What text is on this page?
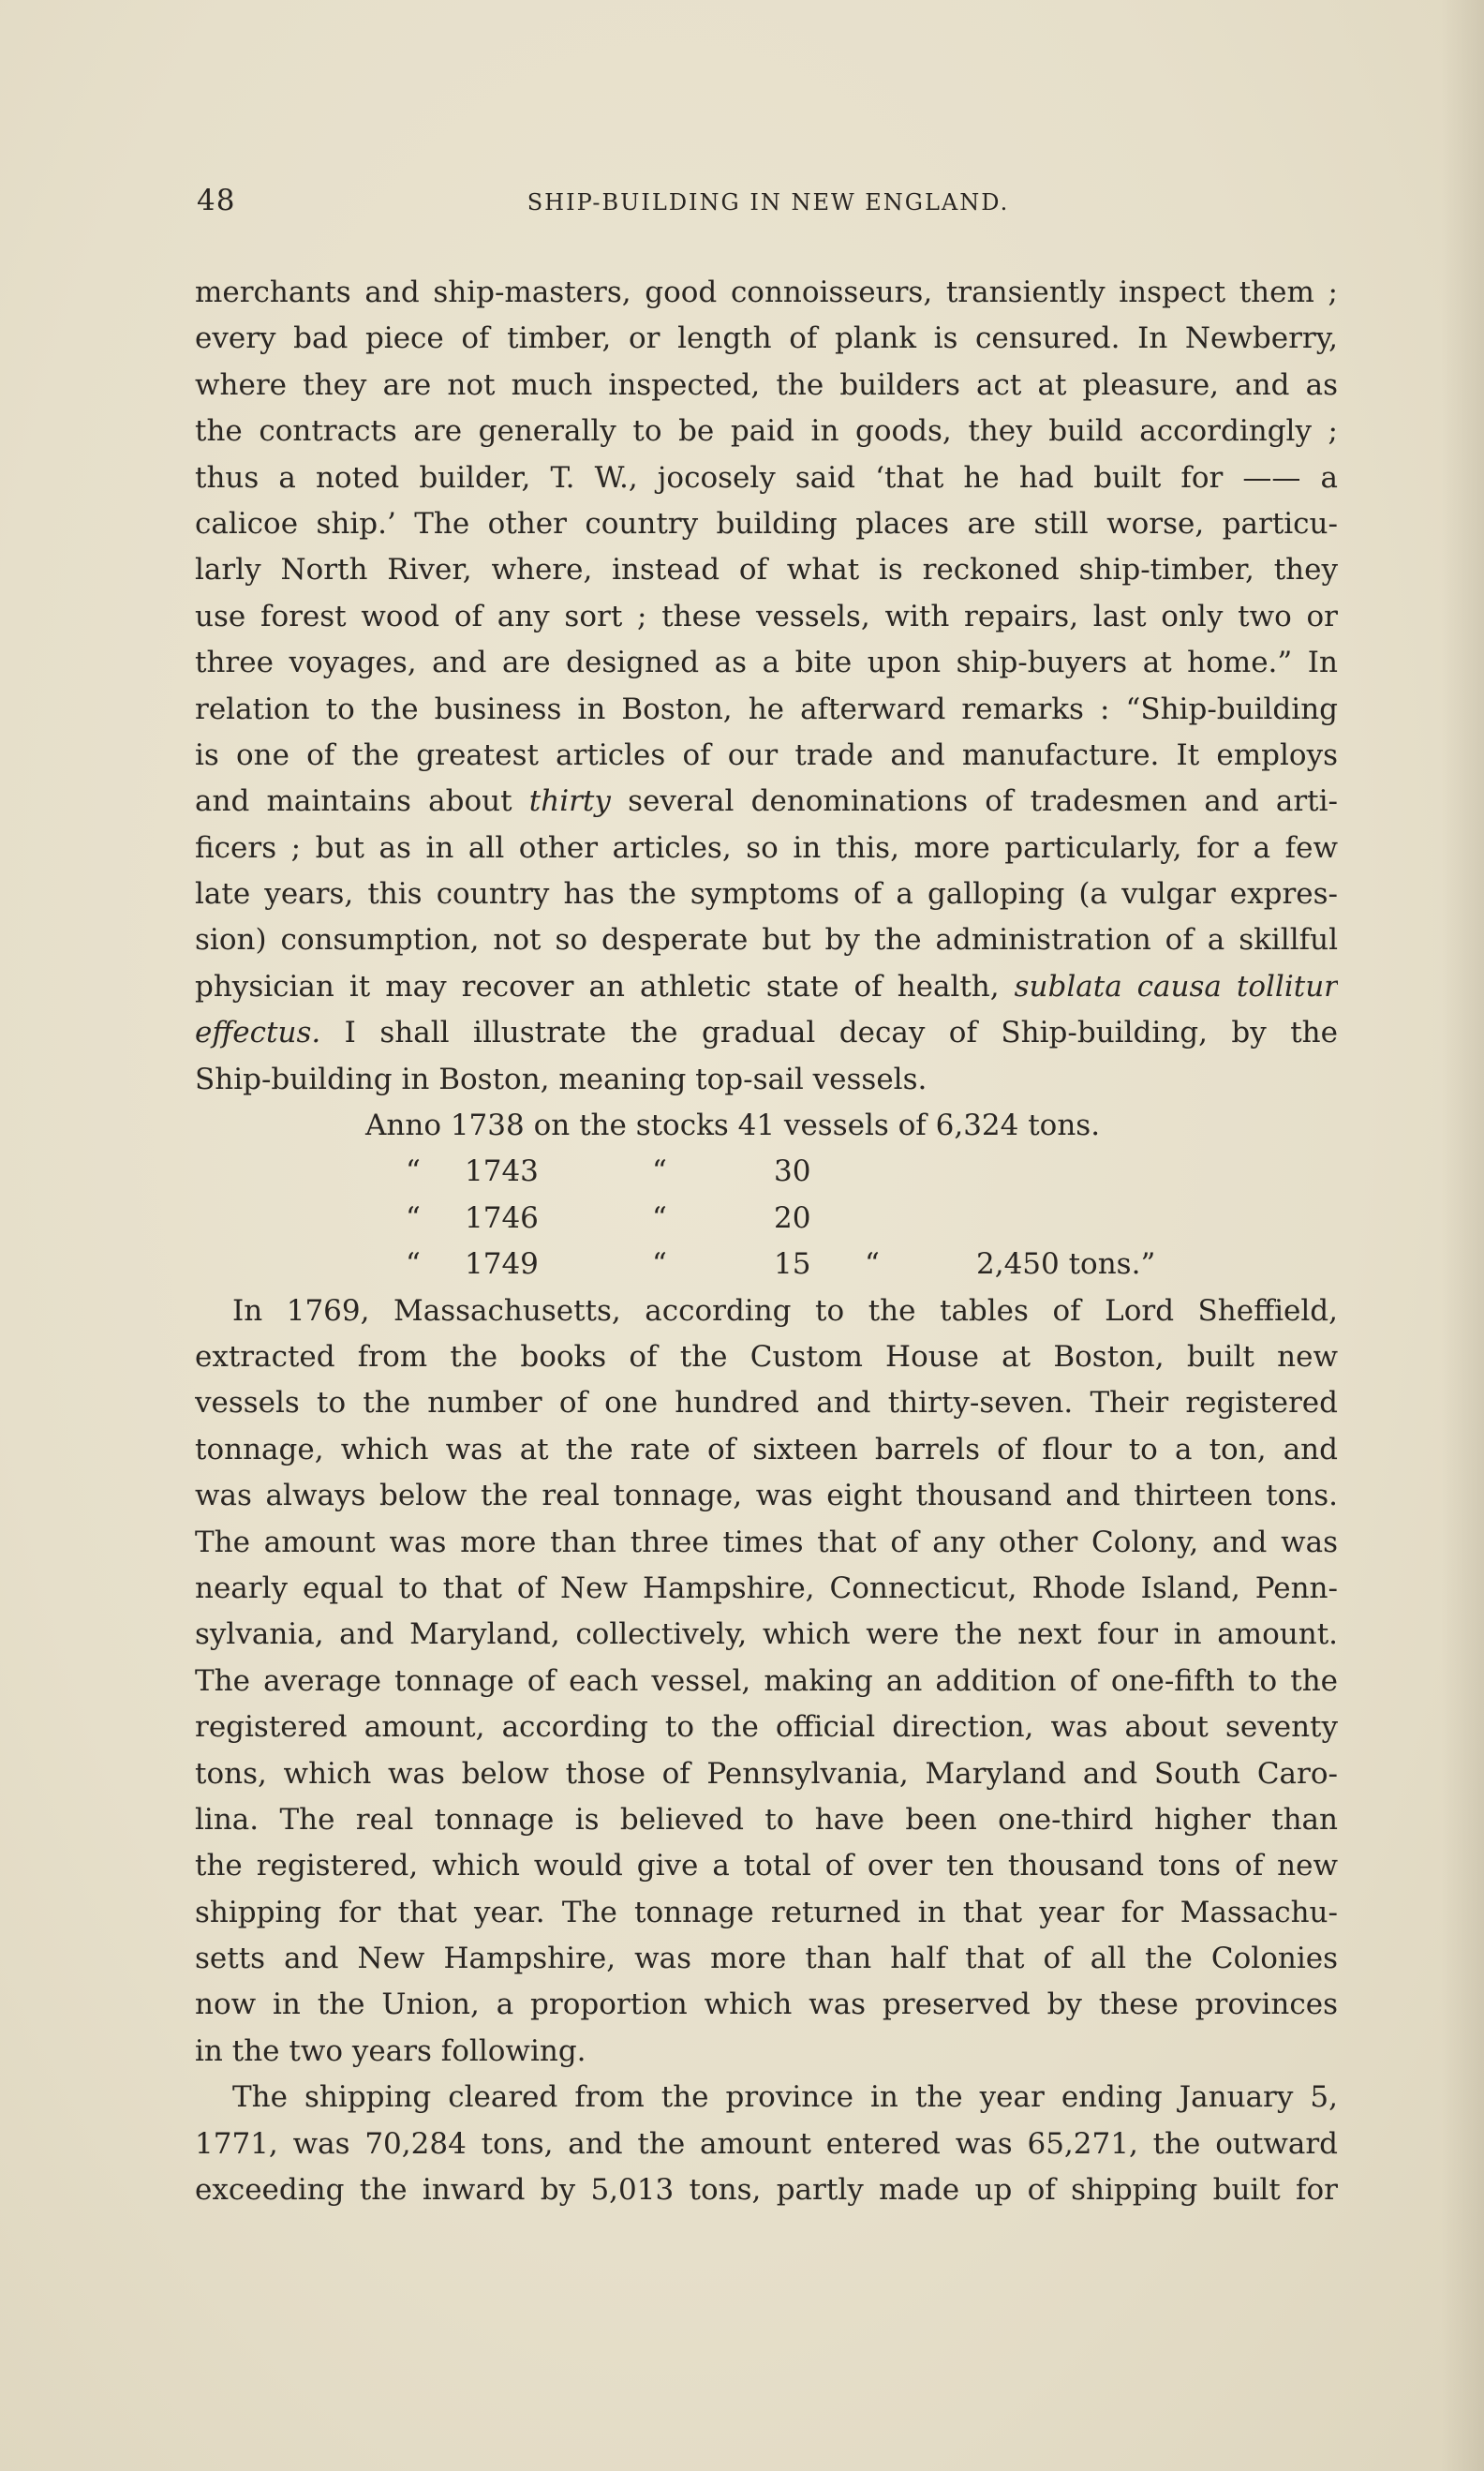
48	SHIP-BUILDING IN NEW ENGLAND.
merchants and ship-masters, good connoisseurs, transiently inspect them ;
every bad piece of timber, or length of plank is censured. In Newberry,
where they are not much inspected, the builders act at pleasure, and as
the contracts are generally to be paid in goods, they build accordingly ;
thus a noted builder, T. W., jocosely said ‘that he had built for —— a
calicoe ship.’ The other country building places are still worse, particu-
larly North River, where, instead of what is reckoned ship-timber, they
use forest wood of any sort ; these vessels, with repairs, last only two or
three voyages, and are designed as a bite upon ship-buyers at home.” In
relation to the business in Boston, he afterward remarks : “Ship-building
is one of the greatest articles of our trade and manufacture. It employs
and maintains about thirty several denominations of tradesmen and arti-
ficers ; but as in all other articles, so in this, more particularly, for a few
late years, this country has the symptoms of a galloping (a vulgar expres-
sion) consumption, not so desperate but by the administration of a skillful
physician it may recover an athletic state of health, sublata causa tollitur
effectus. I shall illustrate the gradual decay of Ship-building, by the
Ship-building in Boston, meaning top-sail vessels.
Anno 1738 on the stocks 41 vessels of 6,324 tons.
“ 1743	“	30
“ 1746	“	20
“ 1749	“	15 “	2,450 tons.”
In 1769, Massachusetts, according to the tables of Lord Sheffield,
extracted from the books of the Custom House at Boston, built new
vessels to the number of one hundred and thirty-seven. Their registered
tonnage, which was at the rate of sixteen barrels of flour to a ton, and
was always below the real tonnage, was eight thousand and thirteen tons.
The amount was more than three times that of any other Colony, and was
nearly equal to that of New Hampshire, Connecticut, Rhode Island, Penn-
sylvania, and Maryland, collectively, which were the next four in amount.
The average tonnage of each vessel, making an addition of one-fifth to the
registered amount, according to the official direction, was about seventy
tons, which was below those of Pennsylvania, Maryland and South Caro-
lina. The real tonnage is believed to have been one-third higher than
the registered, which would give a total of over ten thousand tons of new
shipping for that year. The tonnage returned in that year for Massachu-
setts and New Hampshire, was more than half that of all the Colonies
now in the Union, a proportion which was preserved by these provinces
in the two years following.
The shipping cleared from the province in the year ending January 5,
1771, was 70,284 tons, and the amount entered was 65,271, the outward
exceeding the inward by 5,013 tons, partly made up of shipping built for
